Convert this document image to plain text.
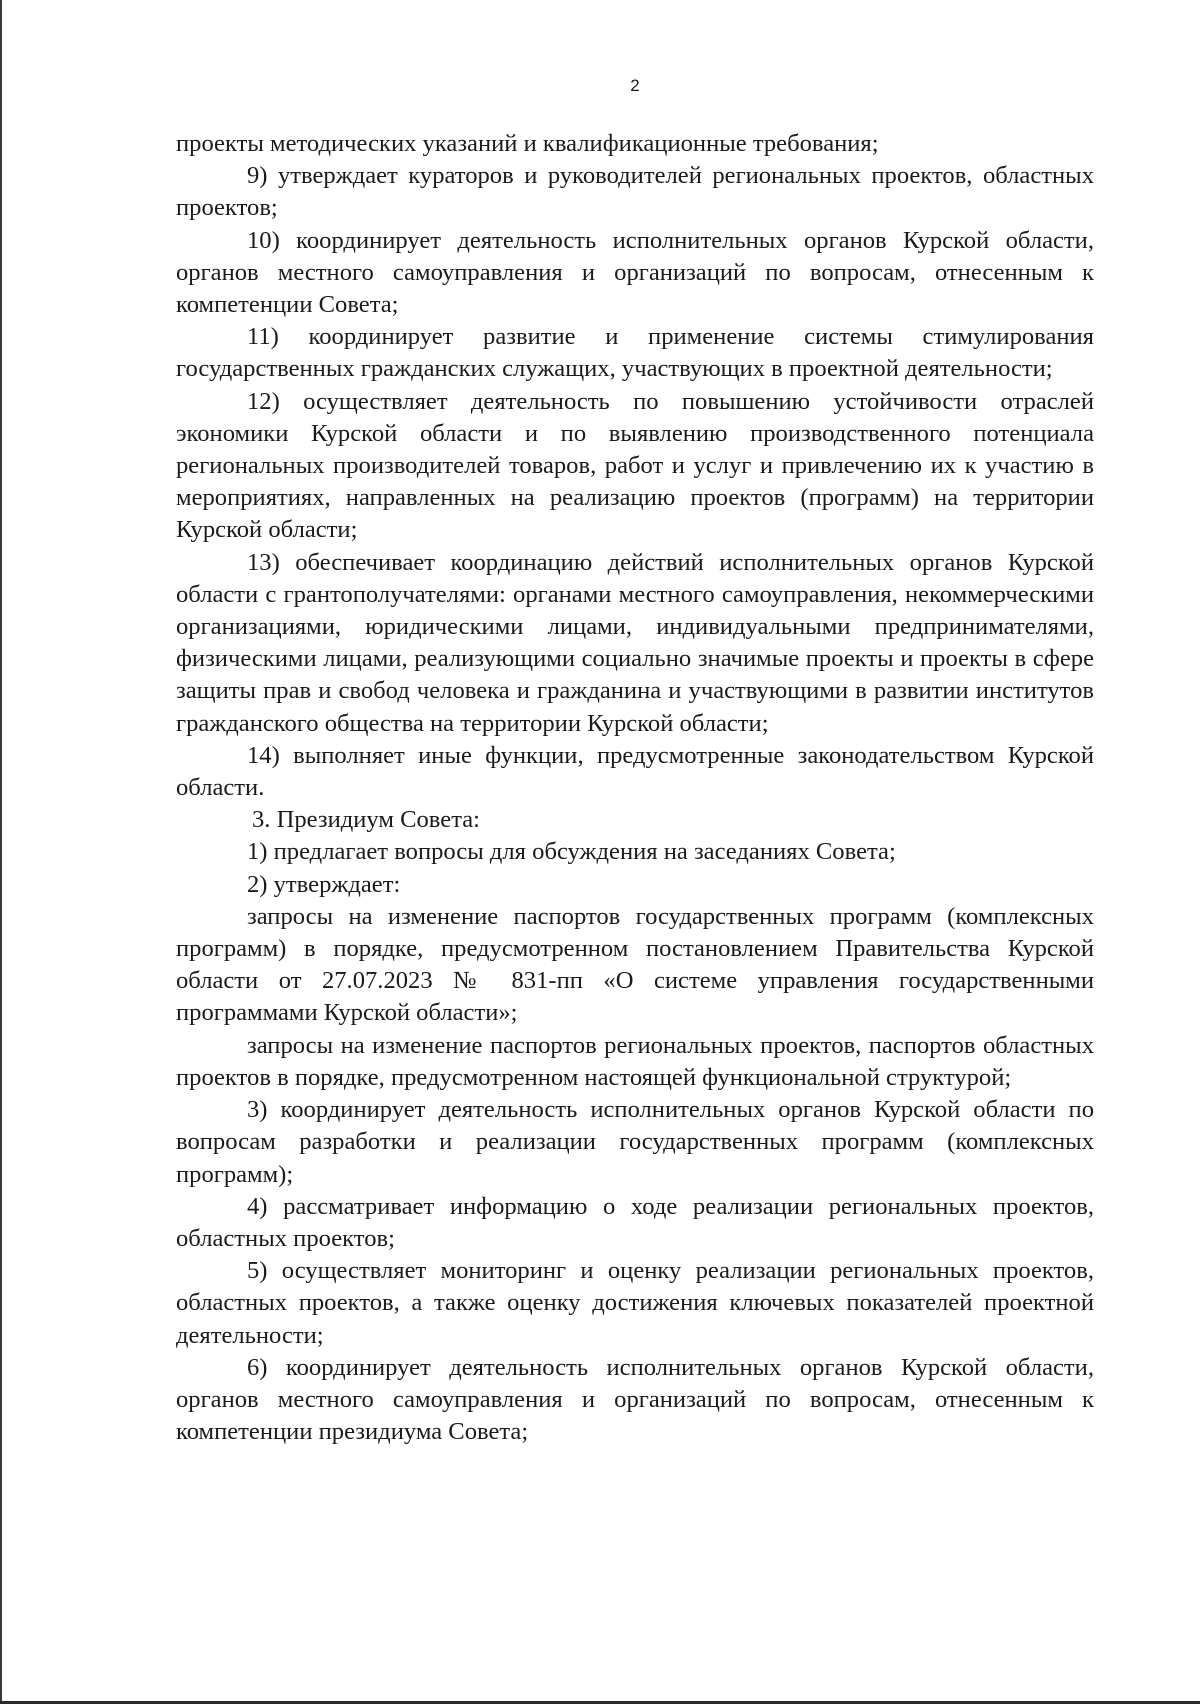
2

проекты методических указаний и квалификационные требования;

9) утверждает кураторов и руководителей региональных проектов, областных проектов;

10) координирует деятельность исполнительных органов Курской области, органов местного самоуправления и организаций по вопросам, отнесенным к компетенции Совета;

11) координирует развитие и применение системы стимулирования государственных гражданских служащих, участвующих в проектной деятельности;

12) осуществляет деятельность по повышению устойчивости отраслей экономики Курской области и по выявлению производственного потенциала региональных производителей товаров, работ и услуг и привлечению их к участию в мероприятиях, направленных на реализацию проектов (программ) на территории Курской области;

13) обеспечивает координацию действий исполнительных органов Курской области с грантополучателями: органами местного самоуправления, некоммерческими организациями, юридическими лицами, индивидуальными предпринимателями, физическими лицами, реализующими социально значимые проекты и проекты в сфере защиты прав и свобод человека и гражданина и участвующими в развитии институтов гражданского общества на территории Курской области;

14) выполняет иные функции, предусмотренные законодательством Курской области.

3. Президиум Совета:

1) предлагает вопросы для обсуждения на заседаниях Совета;

2) утверждает:

запросы на изменение паспортов государственных программ (комплексных программ) в порядке, предусмотренном постановлением Правительства Курской области от 27.07.2023 № 831-пп «О системе управления государственными программами Курской области»;

запросы на изменение паспортов региональных проектов, паспортов областных проектов в порядке, предусмотренном настоящей функциональной структурой;

3) координирует деятельность исполнительных органов Курской области по вопросам разработки и реализации государственных программ (комплексных программ);

4) рассматривает информацию о ходе реализации региональных проектов, областных проектов;

5) осуществляет мониторинг и оценку реализации региональных проектов, областных проектов, а также оценку достижения ключевых показателей проектной деятельности;

6) координирует деятельность исполнительных органов Курской области, органов местного самоуправления и организаций по вопросам, отнесенным к компетенции президиума Совета;
